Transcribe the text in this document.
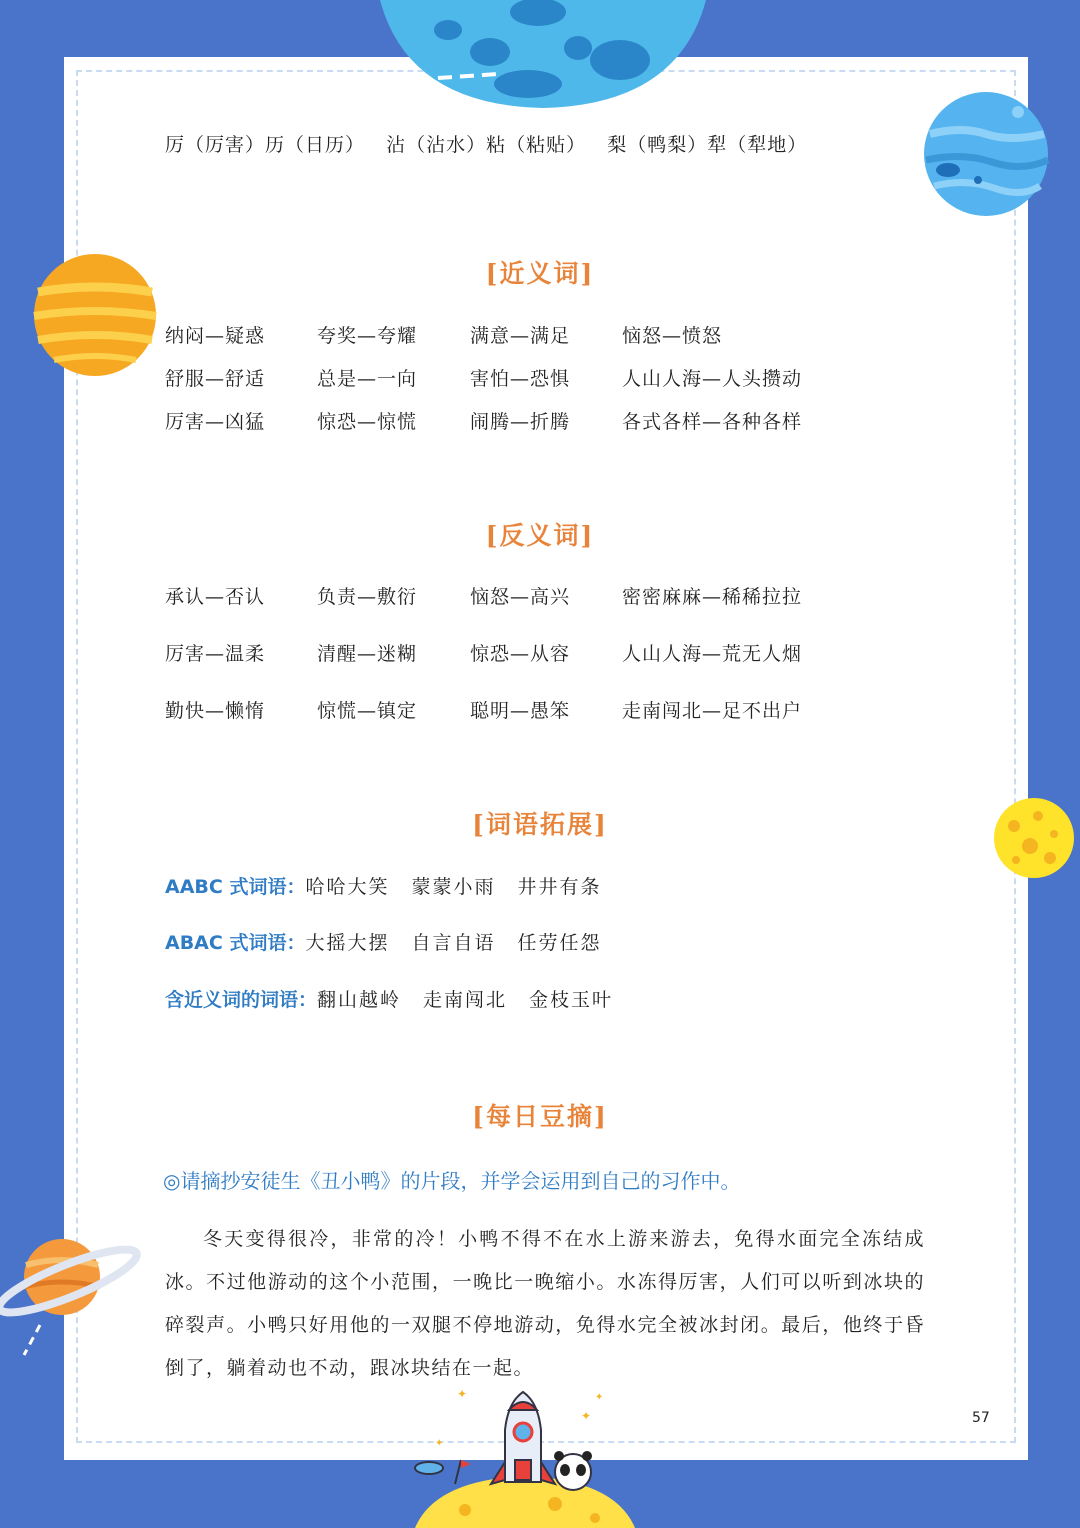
✦
✦
✦
✦
厉（厉害）历（日历）   沾（沾水）粘（粘贴）   梨（鸭梨）犁（犁地）
[近义词]
纳闷—疑惑	夸奖—夸耀	满意—满足	恼怒—愤怒
舒服—舒适	总是—一向	害怕—恐惧	人山人海—人头攒动
厉害—凶猛	惊恐—惊慌	闹腾—折腾	各式各样—各种各样
[反义词]
承认—否认	负责—敷衍	恼怒—高兴	密密麻麻—稀稀拉拉
厉害—温柔	清醒—迷糊	惊恐—从容	人山人海—荒无人烟
勤快—懒惰	惊慌—镇定	聪明—愚笨	走南闯北—足不出户
[词语拓展]
AABC 式词语：哈哈大笑 蒙蒙小雨 井井有条
ABAC 式词语：大摇大摆 自言自语 任劳任怨
含近义词的词语：翻山越岭 走南闯北 金枝玉叶
[每日豆摘]
◎请摘抄安徒生《丑小鸭》的片段，并学会运用到自己的习作中。
冬天变得很冷，非常的冷！小鸭不得不在水上游来游去，免得水面完全冻结成冰。不过他游动的这个小范围，一晚比一晚缩小。水冻得厉害，人们可以听到冰块的碎裂声。小鸭只好用他的一双腿不停地游动，免得水完全被冰封闭。最后，他终于昏倒了，躺着动也不动，跟冰块结在一起。
57
